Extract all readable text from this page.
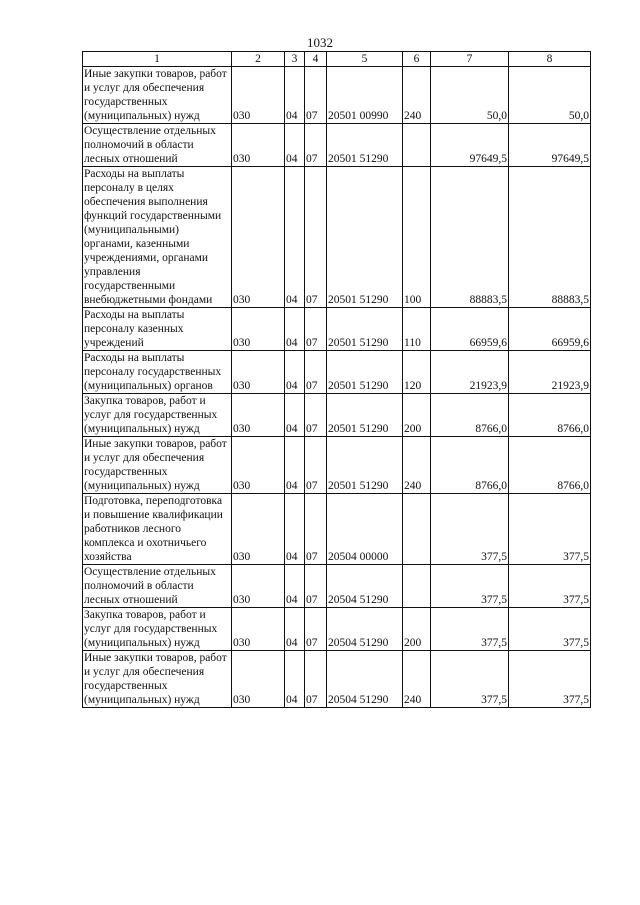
1032
1	2	3	4	5	6	7	8
Иные закупки товаров, работ и услуг для обеспечения государственных (муниципальных) нужд	030	04	07	20501 00990	240	50,0	50,0
Осуществление отдельных полномочий в области лесных отношений	030	04	07	20501 51290		97649,5	97649,5
Расходы на выплаты персоналу в целях обеспечения выполнения функций государственными (муниципальными) органами, казенными учреждениями, органами управления государственными внебюджетными фондами	030	04	07	20501 51290	100	88883,5	88883,5
Расходы на выплаты персоналу казенных учреждений	030	04	07	20501 51290	110	66959,6	66959,6
Расходы на выплаты персоналу государственных (муниципальных) органов	030	04	07	20501 51290	120	21923,9	21923,9
Закупка товаров, работ и услуг для государственных (муниципальных) нужд	030	04	07	20501 51290	200	8766,0	8766,0
Иные закупки товаров, работ и услуг для обеспечения государственных (муниципальных) нужд	030	04	07	20501 51290	240	8766,0	8766,0
Подготовка, переподготовка и повышение квалификации работников лесного комплекса и охотничьего хозяйства	030	04	07	20504 00000		377,5	377,5
Осуществление отдельных полномочий в области лесных отношений	030	04	07	20504 51290		377,5	377,5
Закупка товаров, работ и услуг для государственных (муниципальных) нужд	030	04	07	20504 51290	200	377,5	377,5
Иные закупки товаров, работ и услуг для обеспечения государственных (муниципальных) нужд	030	04	07	20504 51290	240	377,5	377,5
